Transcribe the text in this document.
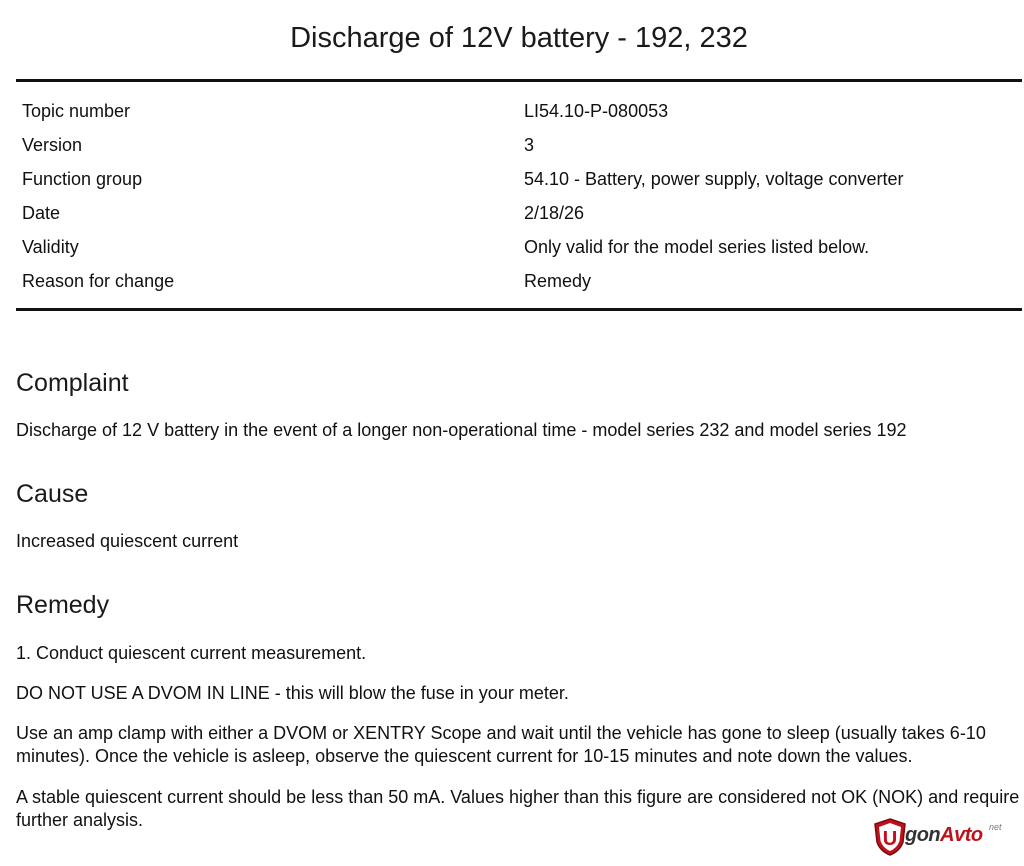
Discharge of 12V battery - 192, 232
Topic number	LI54.10-P-080053
Version	3
Function group	54.10 - Battery, power supply, voltage converter
Date	2/18/26
Validity	Only valid for the model series listed below.
Reason for change	Remedy
Complaint

Discharge of 12 V battery in the event of a longer non-operational time - model series 232 and model series 192

Cause

Increased quiescent current

Remedy

1. Conduct quiescent current measurement.

DO NOT USE A DVOM IN LINE - this will blow the fuse in your meter.

Use an amp clamp with either a DVOM or XENTRY Scope and wait until the vehicle has gone to sleep (usually takes 6-10 minutes). Once the vehicle is asleep, observe the quiescent current for 10-15 minutes and note down the values.

A stable quiescent current should be less than 50 mA. Values higher than this figure are considered not OK (NOK) and require further analysis.

U gonAvto net
